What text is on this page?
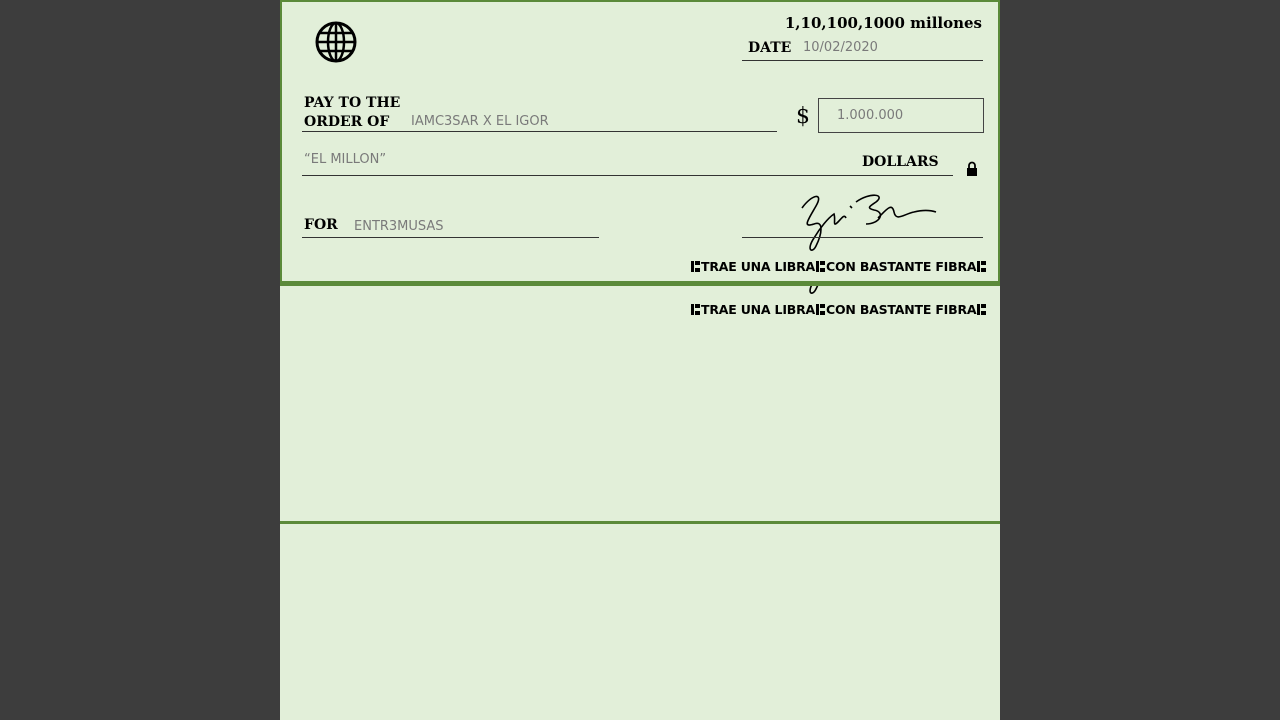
1,10,100,1000 millones
DATE 10/02/2020
PAY TO THE
ORDER OF	IAMC3SAR X EL IGOR	$	1.000.000
“EL MILLON”	DOLLARS
FOR ENTR3MUSAS
TRAE UNA LIBRA CON BASTANTE FIBRA
TRAE UNA LIBRA CON BASTANTE FIBRA
